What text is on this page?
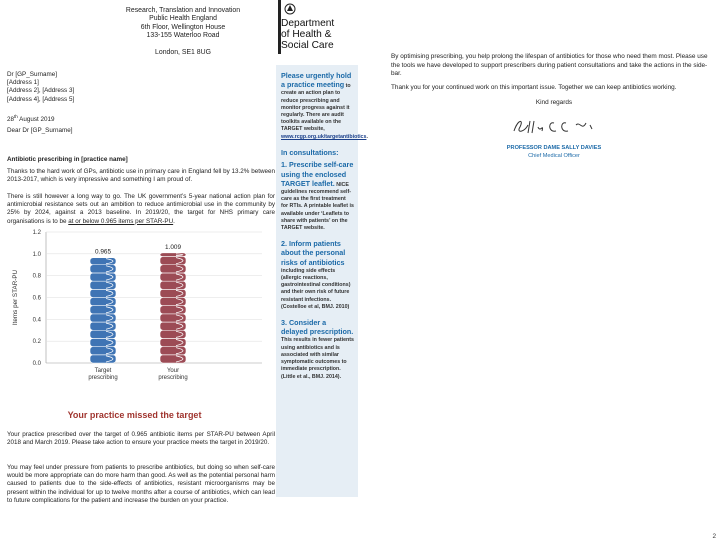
Research, Translation and Innovation
Public Health England
6th Floor, Wellington House
133-155 Waterloo Road
London, SE1 8UG
Department
of Health &
Social Care
Dr [GP_Surname]
[Address 1]
[Address 2], [Address 3]
[Address 4], [Address 5]
28th August 2019
Dear Dr [GP_Surname]
Antibiotic prescribing in [practice name]
Thanks to the hard work of GPs, antibiotic use in primary care in England fell by 13.2% between 2013-2017, which is very impressive and something I am proud of.
There is still however a long way to go. The UK government’s 5-year national action plan for antimicrobial resistance sets out an ambition to reduce antimicrobial use in the community by 25% by 2024, against a 2013 baseline. In 2019/20, the target for NHS primary care organisations is to be at or below 0.965 items per STAR-PU.
0.0
0.2
0.4
0.6
0.8
1.0
1.2
Items per STAR-PU
0.965
Target
prescribing
1.009
Your
prescribing
Your practice missed the target
Your practice prescribed over the target of 0.965 antibiotic items per STAR-PU between April 2018 and March 2019. Please take action to ensure your practice meets the target in 2019/20.
You may feel under pressure from patients to prescribe antibiotics, but doing so when self-care would be more appropriate can do more harm than good. As well as the potential personal harm caused to patients due to the side-effects of antibiotics, resistant microorganisms may be present within the individual for up to twelve months after a course of antibiotics, which can lead to future complications for the patient and increase the burden on your practice.
Please urgently hold a practice meeting to create an action plan to reduce prescribing and monitor progress against it regularly. There are audit toolkits available on the TARGET website, www.rcgp.org.uk/targetantibiotics.
In consultations:
1. Prescribe self-care using the enclosed TARGET leaflet. NICE guidelines recommend self-care as the first treatment for RTIs. A printable leaflet is available under ‘Leaflets to share with patients’ on the TARGET website.
2. Inform patients about the personal risks of antibiotics including side effects (allergic reactions, gastrointestinal conditions) and their own risk of future resistant infections. (Costelloe et al, BMJ. 2010)
3. Consider a delayed prescription. This results in fewer patients using antibiotics and is associated with similar symptomatic outcomes to immediate prescription. (Little et al., BMJ. 2014).
By optimising prescribing, you help prolong the lifespan of antibiotics for those who need them most. Please use the tools we have developed to support prescribers during patient consultations and take the actions in the side-bar.
Thank you for your continued work on this important issue. Together we can keep antibiotics working.
Kind regards
PROFESSOR DAME SALLY DAVIES
Chief Medical Officer
2
